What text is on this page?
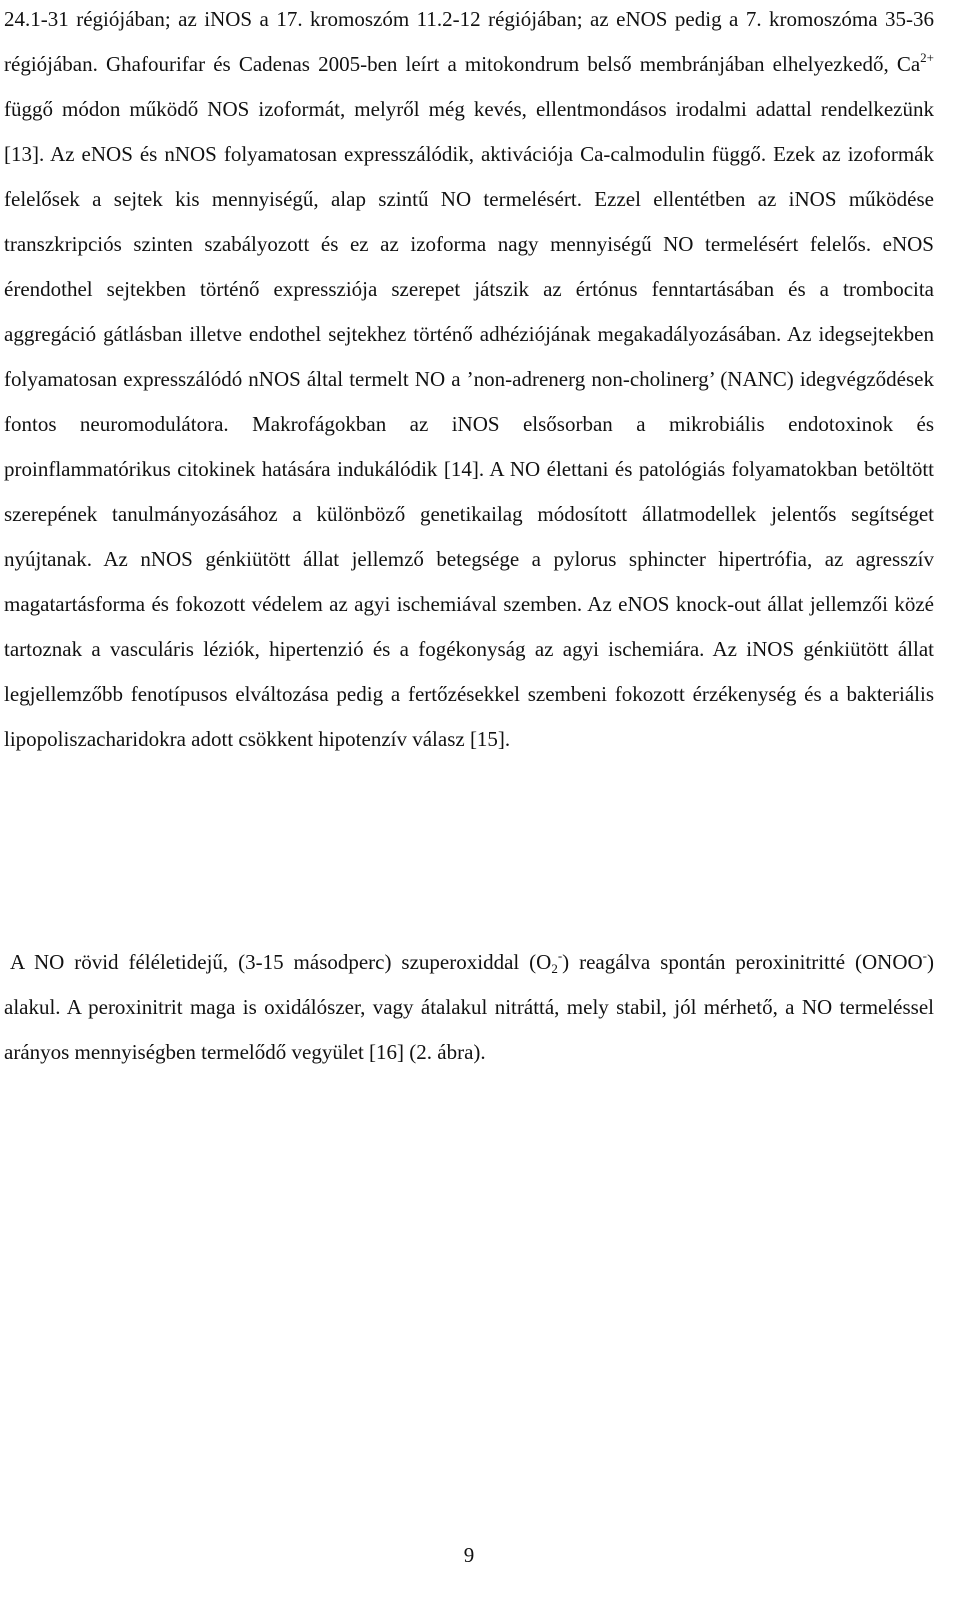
24.1-31 régiójában; az iNOS a 17. kromoszóm 11.2-12 régiójában; az eNOS pedig a 7. kromoszóma 35-36 régiójában. Ghafourifar és Cadenas 2005-ben leírt a mitokondrum belső membránjában elhelyezkedő, $Ca^{2+}$ függő módon működő NOS izoformát, melyről még kevés, ellentmondásos irodalmi adattal rendelkezünk [13]. Az eNOS és nNOS folyamatosan expresszálódik, aktivációja Ca-calmodulin függő. Ezek az izoformák felelősek a sejtek kis mennyiségű, alap szintű NO termelésért. Ezzel ellentétben az iNOS működése transzkripciós szinten szabályozott és ez az izoforma nagy mennyiségű NO termelésért felelős. eNOS érendothel sejtekben történő expressziója szerepet játszik az értónus fenntartásában és a trombocita aggregáció gátlásban illetve endothel sejtekhez történő adhéziójának megakadályozásában. Az idegsejtekben folyamatosan expresszálódó nNOS által termelt NO a ’non-adrenerg non-cholinerg’ (NANC) idegvégződések fontos neuromodulátora. Makrofágokban az iNOS elsősorban a mikrobiális endotoxinok és proinflammatórikus citokinek hatására indukálódik [14]. A NO élettani és patológiás folyamatokban betöltött szerepének tanulmányozásához a különböző genetikailag módosított állatmodellek jelentős segítséget nyújtanak. Az nNOS génkiütött állat jellemző betegsége a pylorus sphincter hipertrófia, az agresszív magatartásforma és fokozott védelem az agyi ischemiával szemben. Az eNOS knock-out állat jellemzői közé tartoznak a vasculáris léziók, hipertenzió és a fogékonyság az agyi ischemiára. Az iNOS génkiütött állat legjellemzőbb fenotípusos elváltozása pedig a fertőzésekkel szembeni fokozott érzékenység és a bakteriális lipopoliszacharidokra adott csökkent hipotenzív válasz [15].

A NO rövid féléletidejű, (3-15 másodperc) szuperoxiddal $(O_2^-)$ reagálva spontán peroxinitritté (ONOO-) alakul. A peroxinitrit maga is oxidálószer, vagy átalakul nitráttá, mely stabil, jól mérhető, a NO termeléssel arányos mennyiségben termelődő vegyület [16] (2. ábra).

9
